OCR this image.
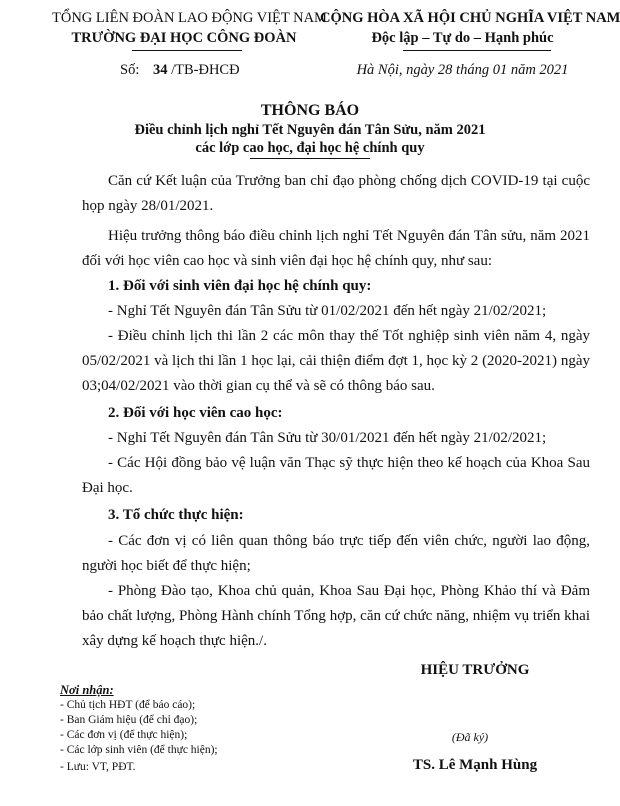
TỔNG LIÊN ĐOÀN LAO ĐỘNG VIỆT NAM
TRƯỜNG ĐẠI HỌC CÔNG ĐOÀN
Số: 34 /TB-ĐHCĐ
CỘNG HÒA XÃ HỘI CHỦ NGHĨA VIỆT NAM
Độc lập – Tự do – Hạnh phúc
Hà Nội, ngày 28 tháng 01 năm 2021
THÔNG BÁO
Điều chỉnh lịch nghỉ Tết Nguyên đán Tân Sửu, năm 2021
các lớp cao học, đại học hệ chính quy
Căn cứ Kết luận của Trưởng ban chỉ đạo phòng chống dịch COVID-19 tại cuộc
họp ngày 28/01/2021.
Hiệu trưởng thông báo điều chỉnh lịch nghỉ Tết Nguyên đán Tân sửu, năm 2021
đối với học viên cao học và sinh viên đại học hệ chính quy, như sau:
1. Đối với sinh viên đại học hệ chính quy:
- Nghỉ Tết Nguyên đán Tân Sửu từ 01/02/2021 đến hết ngày 21/02/2021;
- Điều chỉnh lịch thi lần 2 các môn thay thế Tốt nghiệp sinh viên năm 4, ngày
05/02/2021 và lịch thi lần 1 học lại, cải thiện điểm đợt 1, học kỳ 2 (2020-2021) ngày
03;04/02/2021 vào thời gian cụ thể và sẽ có thông báo sau.
2. Đối với học viên cao học:
- Nghỉ Tết Nguyên đán Tân Sửu từ 30/01/2021 đến hết ngày 21/02/2021;
- Các Hội đồng bảo vệ luận văn Thạc sỹ thực hiện theo kế hoạch của Khoa Sau
Đại học.
3. Tổ chức thực hiện:
- Các đơn vị có liên quan thông báo trực tiếp đến viên chức, người lao động,
người học biết để thực hiện;
- Phòng Đào tạo, Khoa chủ quản, Khoa Sau Đại học, Phòng Khảo thí và Đảm
bảo chất lượng, Phòng Hành chính Tổng hợp, căn cứ chức năng, nhiệm vụ triển khai
xây dựng kế hoạch thực hiện./.
HIỆU TRƯỞNG
(Đã ký)
TS. Lê Mạnh Hùng
Nơi nhận:
- Chủ tịch HĐT (để báo cáo);
- Ban Giám hiệu (để chỉ đạo);
- Các đơn vị (để thực hiện);
- Các lớp sinh viên (để thực hiện);
- Lưu: VT, PĐT.
